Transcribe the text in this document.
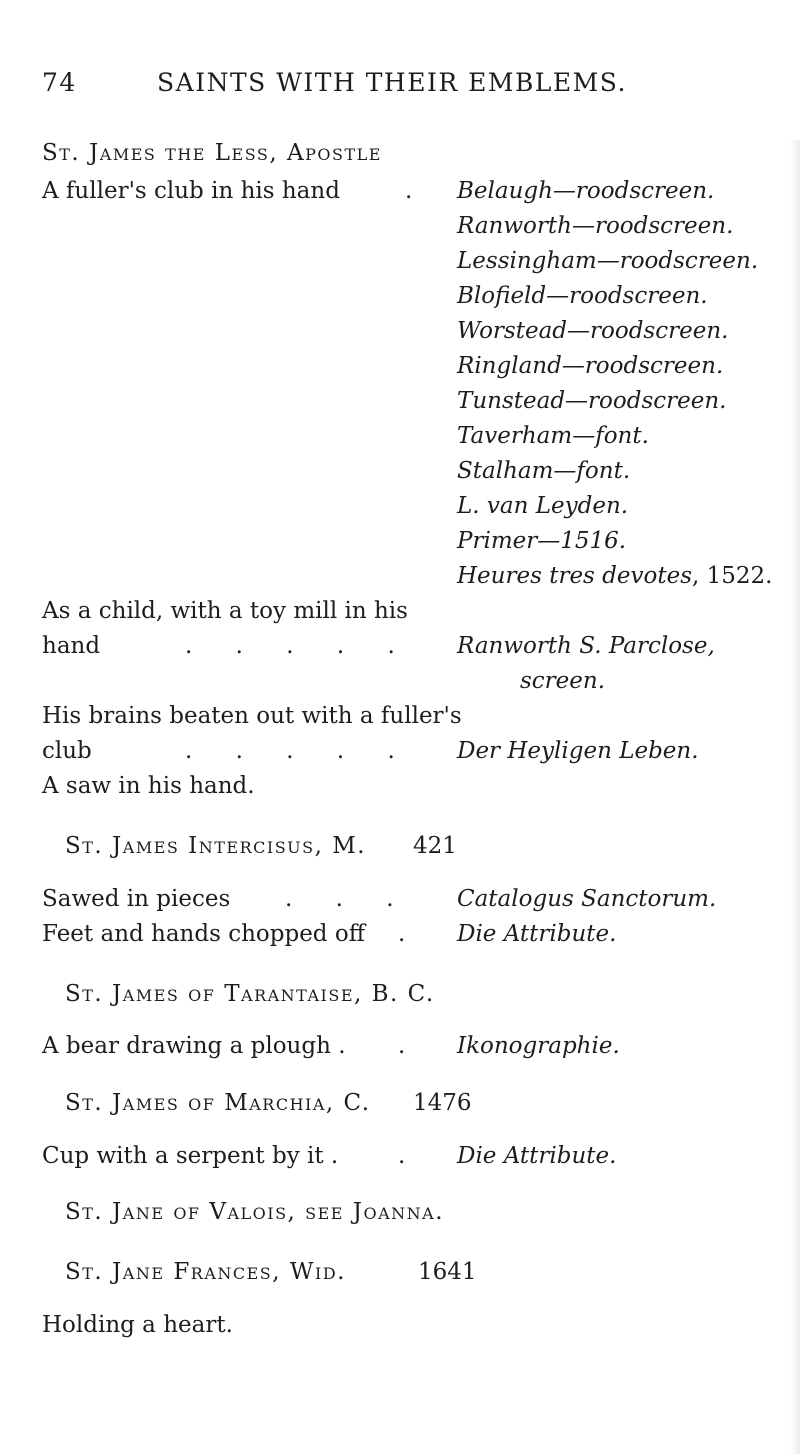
74	SAINTS WITH THEIR EMBLEMS.
St. James the Less, Apostle
A fuller's club in his hand	. Belaugh—roodscreen.
Ranworth—roodscreen.
Lessingham—roodscreen.
Blofield—roodscreen.
Worstead—roodscreen.
Ringland—roodscreen.
Tunstead—roodscreen.
Taverham—font.
Stalham—font.
L. van Leyden.
Primer—1516.
Heures tres devotes, 1522.
As a child, with a toy mill in his
hand	. . . . . Ranworth S. Parclose,
screen.
His brains beaten out with a fuller's
club	. . . . . Der Heyligen Leben.
A saw in his hand.
St. James Intercisus, M. 421
Sawed in pieces . . . Catalogus Sanctorum.
Feet and hands chopped off . Die Attribute.
St. James of Tarantaise, B. C.
A bear drawing a plough . . Ikonographie.
St. James of Marchia, C. 1476
Cup with a serpent by it .	. Die Attribute.
St. Jane of Valois, see Joanna.
St. Jane Frances, Wid.	1641
Holding a heart.
